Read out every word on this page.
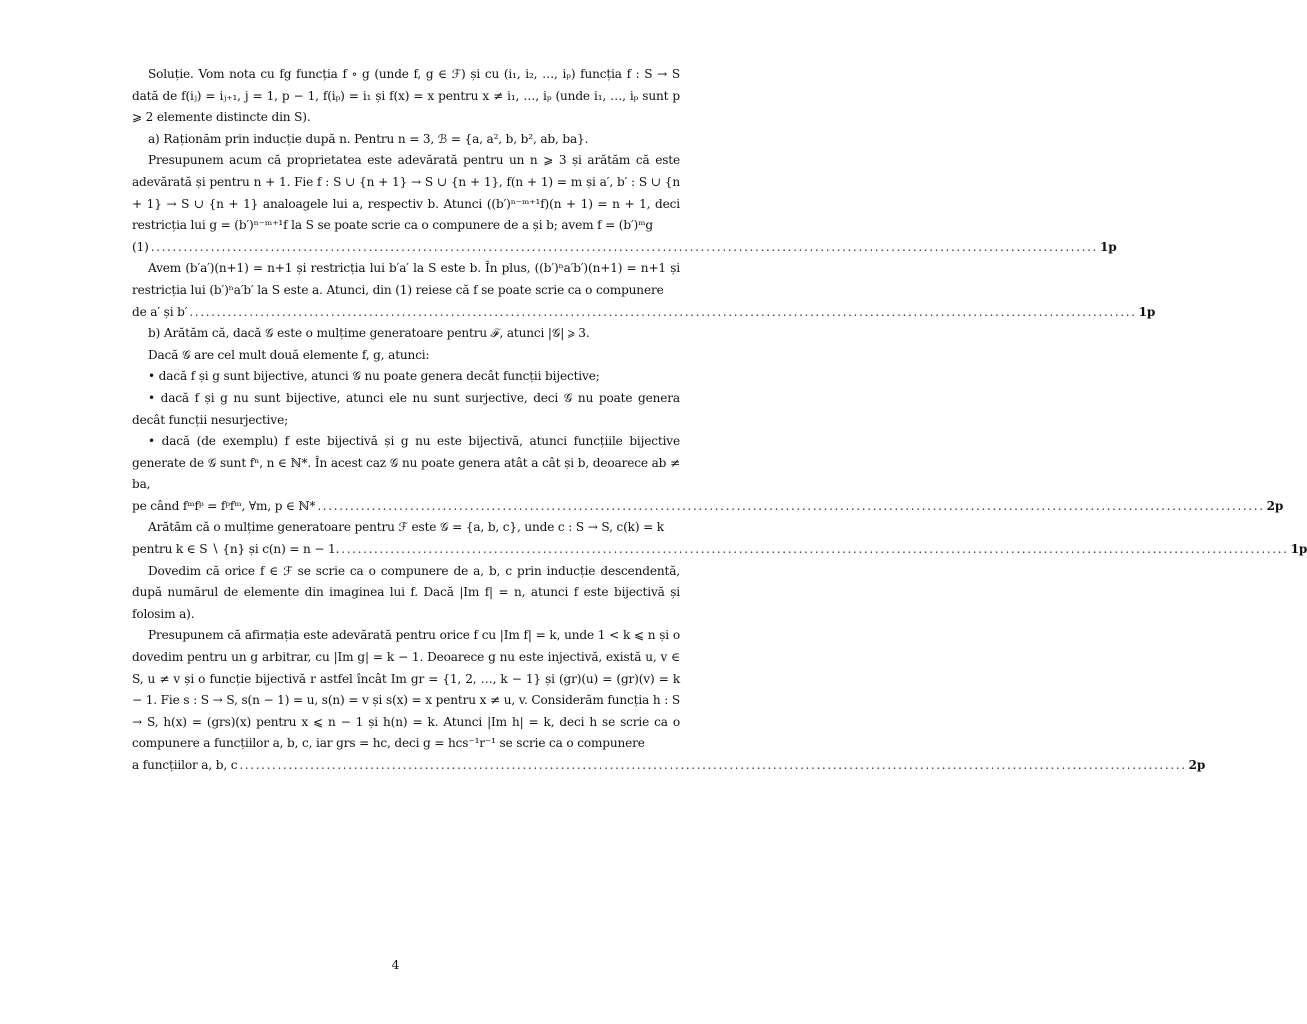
Soluție. Vom nota cu fg funcția f ∘ g (unde f, g ∈ ℱ) și cu (i₁, i₂, …, iₚ) funcția f : S → S dată de f(iⱼ) = iⱼ₊₁, j = 1, p − 1, f(iₚ) = i₁ și f(x) = x pentru x ≠ i₁, …, iₚ (unde i₁, …, iₚ sunt p ⩾ 2 elemente distincte din S).

a) Raționăm prin inducție după n. Pentru n = 3, ℬ = {a, a², b, b², ab, ba}.

Presupunem acum că proprietatea este adevărată pentru un n ⩾ 3 și arătăm că este adevărată și pentru n + 1. Fie f : S ∪ {n + 1} → S ∪ {n + 1}, f(n + 1) = m și a′, b′ : S ∪ {n + 1} → S ∪ {n + 1} analoagele lui a, respectiv b. Atunci ((b′)ⁿ⁻ᵐ⁺¹f)(n + 1) = n + 1, deci restricția lui g = (b′)ⁿ⁻ᵐ⁺¹f la S se poate scrie ca o compunere de a și b; avem f = (b′)ᵐg

(1) .............................................................................................................................................................................. 1p

Avem (b′a′)(n+1) = n+1 și restricția lui b′a′ la S este b. În plus, ((b′)ⁿa′b′)(n+1) = n+1 și restricția lui (b′)ⁿa′b′ la S este a. Atunci, din (1) reiese că f se poate scrie ca o compunere

de a′ și b′ .............................................................................................................................................................................. 1p

b) Arătăm că, dacă 𝒢 este o mulțime generatoare pentru ℱ, atunci |𝒢| ⩾ 3.

Dacă 𝒢 are cel mult două elemente f, g, atunci:

• dacă f și g sunt bijective, atunci 𝒢 nu poate genera decât funcții bijective;

• dacă f și g nu sunt bijective, atunci ele nu sunt surjective, deci 𝒢 nu poate genera decât funcții nesurjective;

• dacă (de exemplu) f este bijectivă și g nu este bijectivă, atunci funcțiile bijective generate de 𝒢 sunt fⁿ, n ∈ ℕ*. În acest caz 𝒢 nu poate genera atât a cât și b, deoarece ab ≠ ba,

pe când fᵐfᵖ = fᵖfᵐ, ∀m, p ∈ ℕ* .............................................................................................................................................................................. 2p

Arătăm că o mulțime generatoare pentru ℱ este 𝒢 = {a, b, c}, unde c : S → S, c(k) = k

pentru k ∈ S ∖ {n} și c(n) = n − 1. .............................................................................................................................................................................. 1p

Dovedim că orice f ∈ ℱ se scrie ca o compunere de a, b, c prin inducție descendentă, după numărul de elemente din imaginea lui f. Dacă |Im f| = n, atunci f este bijectivă și folosim a).

Presupunem că afirmația este adevărată pentru orice f cu |Im f| = k, unde 1 < k ⩽ n și o dovedim pentru un g arbitrar, cu |Im g| = k − 1. Deoarece g nu este injectivă, există u, v ∈ S, u ≠ v și o funcție bijectivă r astfel încât Im gr = {1, 2, …, k − 1} și (gr)(u) = (gr)(v) = k − 1. Fie s : S → S, s(n − 1) = u, s(n) = v și s(x) = x pentru x ≠ u, v. Considerăm funcția h : S → S, h(x) = (grs)(x) pentru x ⩽ n − 1 și h(n) = k. Atunci |Im h| = k, deci h se scrie ca o compunere a funcțiilor a, b, c, iar grs = hc, deci g = hcs⁻¹r⁻¹ se scrie ca o compunere

a funcțiilor a, b, c .............................................................................................................................................................................. 2p
4
